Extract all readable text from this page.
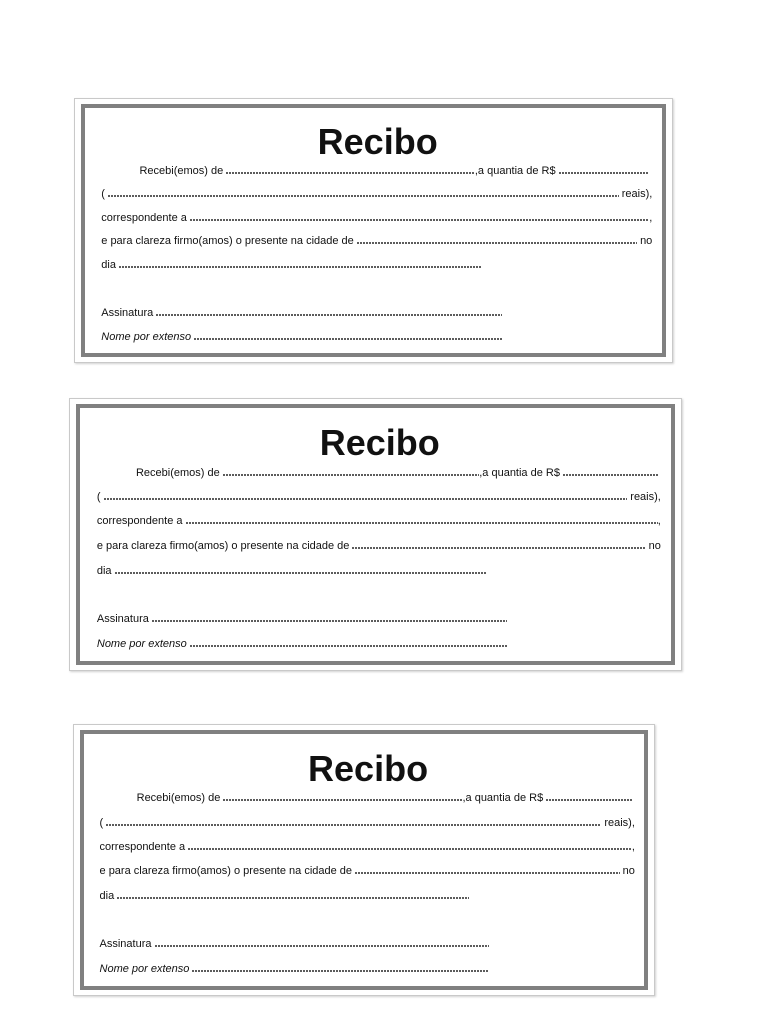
Recibo
Recebi(emos) de	,a quantia de R$
(	reais),
correspondente a	,
e para clareza firmo(amos) o presente na cidade de	no
dia
Assinatura
Nome por extenso
Recibo
Recebi(emos) de	,a quantia de R$
(	reais),
correspondente a	,
e para clareza firmo(amos) o presente na cidade de	no
dia
Assinatura
Nome por extenso
Recibo
Recebi(emos) de	,a quantia de R$
(	reais),
correspondente a	,
e para clareza firmo(amos) o presente na cidade de	no
dia
Assinatura
Nome por extenso
